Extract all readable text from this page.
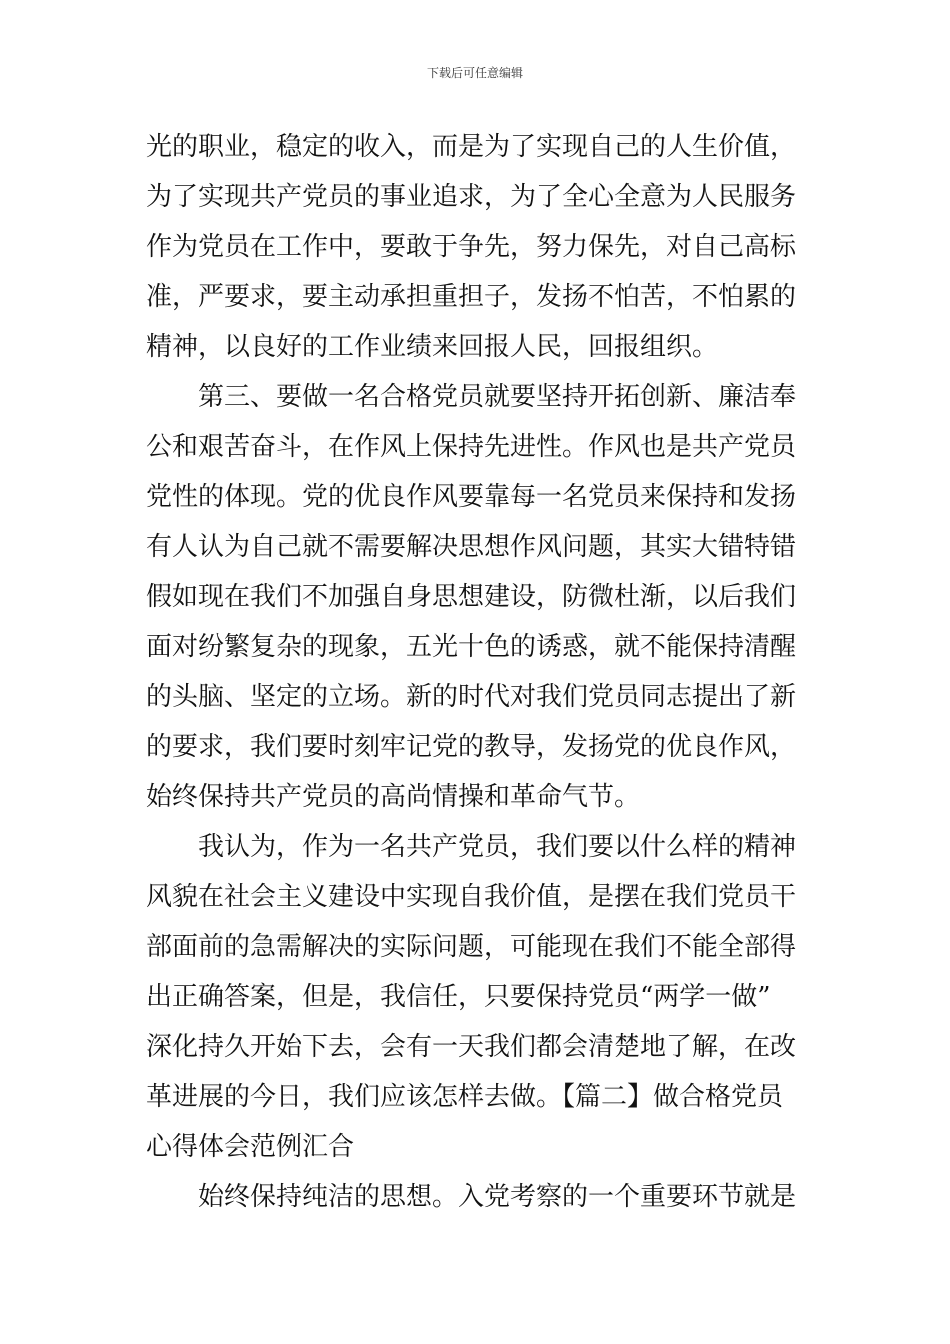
下载后可任意编辑
光的职业，稳定的收入，而是为了实现自己的人生价值，
为了实现共产党员的事业追求，为了全心全意为人民服务
作为党员在工作中，要敢于争先，努力保先，对自己高标
准，严要求，要主动承担重担子，发扬不怕苦，不怕累的
精神，以良好的工作业绩来回报人民，回报组织。
第三、要做一名合格党员就要坚持开拓创新、廉洁奉
公和艰苦奋斗，在作风上保持先进性。作风也是共产党员
党性的体现。党的优良作风要靠每一名党员来保持和发扬
有人认为自己就不需要解决思想作风问题，其实大错特错
假如现在我们不加强自身思想建设，防微杜渐，以后我们
面对纷繁复杂的现象，五光十色的诱惑，就不能保持清醒
的头脑、坚定的立场。新的时代对我们党员同志提出了新
的要求，我们要时刻牢记党的教导，发扬党的优良作风，
始终保持共产党员的高尚情操和革命气节。
我认为，作为一名共产党员，我们要以什么样的精神
风貌在社会主义建设中实现自我价值，是摆在我们党员干
部面前的急需解决的实际问题，可能现在我们不能全部得
出正确答案，但是，我信任，只要保持党员“两学一做”
深化持久开始下去，会有一天我们都会清楚地了解，在改
革进展的今日，我们应该怎样去做。【篇二】做合格党员
心得体会范例汇合
始终保持纯洁的思想。入党考察的一个重要环节就是
